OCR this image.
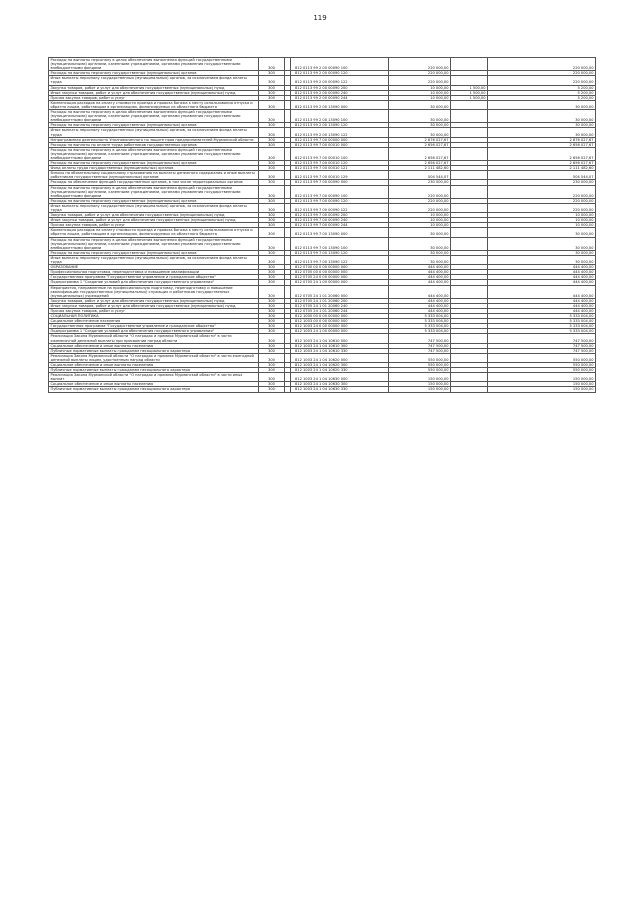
119
Расходы на выплаты персоналу в целях обеспечения выполнения функций государственными (муниципальными) органами, казенными учреждениями, органами управления государственными внебюджетными фондами	300		812 0113 99 2 00 00090 100	220 000,00		220 000,00
Расходы на выплаты персоналу государственных (муниципальных) органов	300		812 0113 99 2 00 00090 120	220 000,00		220 000,00
Иные выплаты персоналу государственных (муниципальных) органов, за исключением фонда оплаты труда	300		812 0113 99 2 00 00090 122	220 000,00		220 000,00
Закупка товаров, работ и услуг для обеспечения государственных (муниципальных) нужд	300		812 0113 99 2 00 00090 200	10 000,00	1 500,00	5 200,00
Иные закупки товаров, работ и услуг для обеспечения государственных (муниципальных) нужд	300		812 0113 99 2 00 00090 240	10 000,00	1 500,00	5 200,00
Прочая закупка товаров, работ и услуг	300		812 0113 99 2 00 00090 244	10 000,00	1 500,00	5 200,00
Компенсация расходов на оплату стоимости проезда и провоза багажа к месту использования отпуска и обратно лицам, работающим в организациях, финансируемых из областного бюджета	300		812 0113 99 2 00 13090 000	30 000,00		30 000,00
Расходы на выплаты персоналу в целях обеспечения выполнения функций государственными (муниципальными) органами, казенными учреждениями, органами управления государственными внебюджетными фондами	300		812 0113 99 2 00 13090 100	30 000,00		30 000,00
Расходы на выплаты персоналу государственных (муниципальных) органов	300		812 0113 99 2 00 13090 120	30 000,00		30 000,00
Иные выплаты персоналу государственных (муниципальных) органов, за исключением фонда оплаты труда	300		812 0113 99 2 00 13090 122	30 000,00		30 000,00
Непрограммная деятельность Уполномоченного по защите прав предпринимателей Мурманской области	300		812 0113 99 7 00 00000 000	2 876 027,67		2 876 027,67
Расходы на выплаты по оплате труда работников государственных органов	300		812 0113 99 7 00 00010 000	2 656 027,67		2 656 027,67
Расходы на выплаты персоналу в целях обеспечения выполнения функций государственными (муниципальными) органами, казенными учреждениями, органами управления государственными внебюджетными фондами	300		812 0113 99 7 00 00010 100	2 656 027,67		2 656 027,67
Расходы на выплаты персоналу государственных (муниципальных) органов	300		812 0113 99 7 00 00010 120	2 656 027,67		2 656 027,67
Фонд оплаты труда государственных (муниципальных) органов	300		812 0113 99 7 00 00010 121	2 111 482,60		2 111 482,60
Взносы по обязательному социальному страхованию на выплаты денежного содержания и иные выплаты работникам государственных (муниципальных) органов	300		812 0113 99 7 00 00010 129	504 544,07		504 544,07
Расходы на обеспечение функций государственных органов, в том числе территориальных органов	300		812 0113 99 7 00 00090 000	230 000,00		230 000,00
Расходы на выплаты персоналу в целях обеспечения выполнения функций государственными (муниципальными) органами, казенными учреждениями, органами управления государственными внебюджетными фондами	300		812 0113 99 7 00 00090 100	220 000,00		220 000,00
Расходы на выплаты персоналу государственных (муниципальных) органов	300		812 0113 99 7 00 00090 120	220 000,00		220 000,00
Иные выплаты персоналу государственных (муниципальных) органов, за исключением фонда оплаты труда	300		812 0113 99 7 00 00090 122	220 000,00		220 000,00
Закупка товаров, работ и услуг для обеспечения государственных (муниципальных) нужд	300		812 0113 99 7 00 00090 200	10 000,00		10 000,00
Иные закупки товаров, работ и услуг для обеспечения государственных (муниципальных) нужд	300		812 0113 99 7 00 00090 240	10 000,00		10 000,00
Прочая закупка товаров, работ и услуг	300		812 0113 99 7 00 00090 244	10 000,00		10 000,00
Компенсация расходов на оплату стоимости проезда и провоза багажа к месту использования отпуска и обратно лицам, работающим в организациях, финансируемых из областного бюджета	300		812 0113 99 7 00 13090 000	30 000,00		30 000,00
Расходы на выплаты персоналу в целях обеспечения выполнения функций государственными (муниципальными) органами, казенными учреждениями, органами управления государственными внебюджетными фондами	300		812 0113 99 7 00 13090 100	30 000,00		30 000,00
Расходы на выплаты персоналу государственных (муниципальных) органов	300		812 0113 99 7 00 13090 120	30 000,00		30 000,00
Иные выплаты персоналу государственных (муниципальных) органов, за исключением фонда оплаты труда	300		812 0113 99 7 00 13090 122	30 000,00		30 000,00
ОБРАЗОВАНИЕ	300		812 0700 00 0 00 00000 000	444 400,00		444 400,00
Профессиональная подготовка, переподготовка и повышение квалификации	300		812 0705 00 0 00 00000 000	444 400,00		444 400,00
Государственная программа "Государственное управление и гражданское общество"	300		812 0705 24 0 00 00000 000	444 400,00		444 400,00
Подпрограмма 1 "Создание условий для обеспечения государственного управления"	300		812 0705 24 1 00 00000 000	444 400,00		444 400,00
Мероприятия, направленные на профессиональную подготовку, переподготовку и повышение квалификации государственных (муниципальных) служащих и работников государственных (муниципальных) учреждений	300		812 0705 24 1 01 20060 000	444 400,00		444 400,00
Закупка товаров, работ и услуг для обеспечения государственных (муниципальных) нужд	300		812 0705 24 1 01 20060 200	444 400,00		444 400,00
Иные закупки товаров, работ и услуг для обеспечения государственных (муниципальных) нужд	300		812 0705 24 1 01 20060 240	444 400,00		444 400,00
Прочая закупка товаров, работ и услуг	300		812 0705 24 1 01 20060 244	444 400,00		444 400,00
СОЦИАЛЬНАЯ ПОЛИТИКА	300		812 1000 00 0 00 00000 000	5 333 004,00		5 333 004,00
Социальное обеспечение населения	300		812 1003 00 0 00 00000 000	5 333 004,00		5 333 004,00
Государственная программа "Государственное управление и гражданское общество"	300		812 1003 24 0 00 00000 000	5 333 004,00		5 333 004,00
Подпрограмма 1 "Создание условий для обеспечения государственного управления"	300		812 1003 24 1 00 00000 000	5 333 004,00		5 333 004,00
Реализация Закона Мурманской области "О наградах и премиях Мурманской области" в части ежемесячной денежной выплаты при присвоении наград области	300		812 1003 24 1 04 10610 000	747 500,00		747 500,00
Социальное обеспечение и иные выплаты населению	300		812 1003 24 1 04 10610 300	747 500,00		747 500,00
Публичные нормативные выплаты гражданам несоциального характера	300		812 1003 24 1 04 10610 330	747 500,00		747 500,00
Реализация Закона Мурманской области "О наградах и премиях Мурманской области" в части ежегодной денежной выплаты лицам, удостоенным наград области	300		812 1003 24 1 04 10620 000	550 000,00		550 000,00
Социальное обеспечение и иные выплаты населению	300		812 1003 24 1 04 10620 300	550 000,00		550 000,00
Публичные нормативные выплаты гражданам несоциального характера	300		812 1003 24 1 04 10620 330	550 000,00		550 000,00
Реализация Закона Мурманской области "О наградах и премиях Мурманской области" в части иных выплат	300		812 1003 24 1 04 10630 000	150 000,00		150 000,00
Социальное обеспечение и иные выплаты населению	300		812 1003 24 1 04 10630 300	150 000,00		150 000,00
Публичные нормативные выплаты гражданам несоциального характера	300		812 1003 24 1 04 10630 330	150 000,00		150 000,00
